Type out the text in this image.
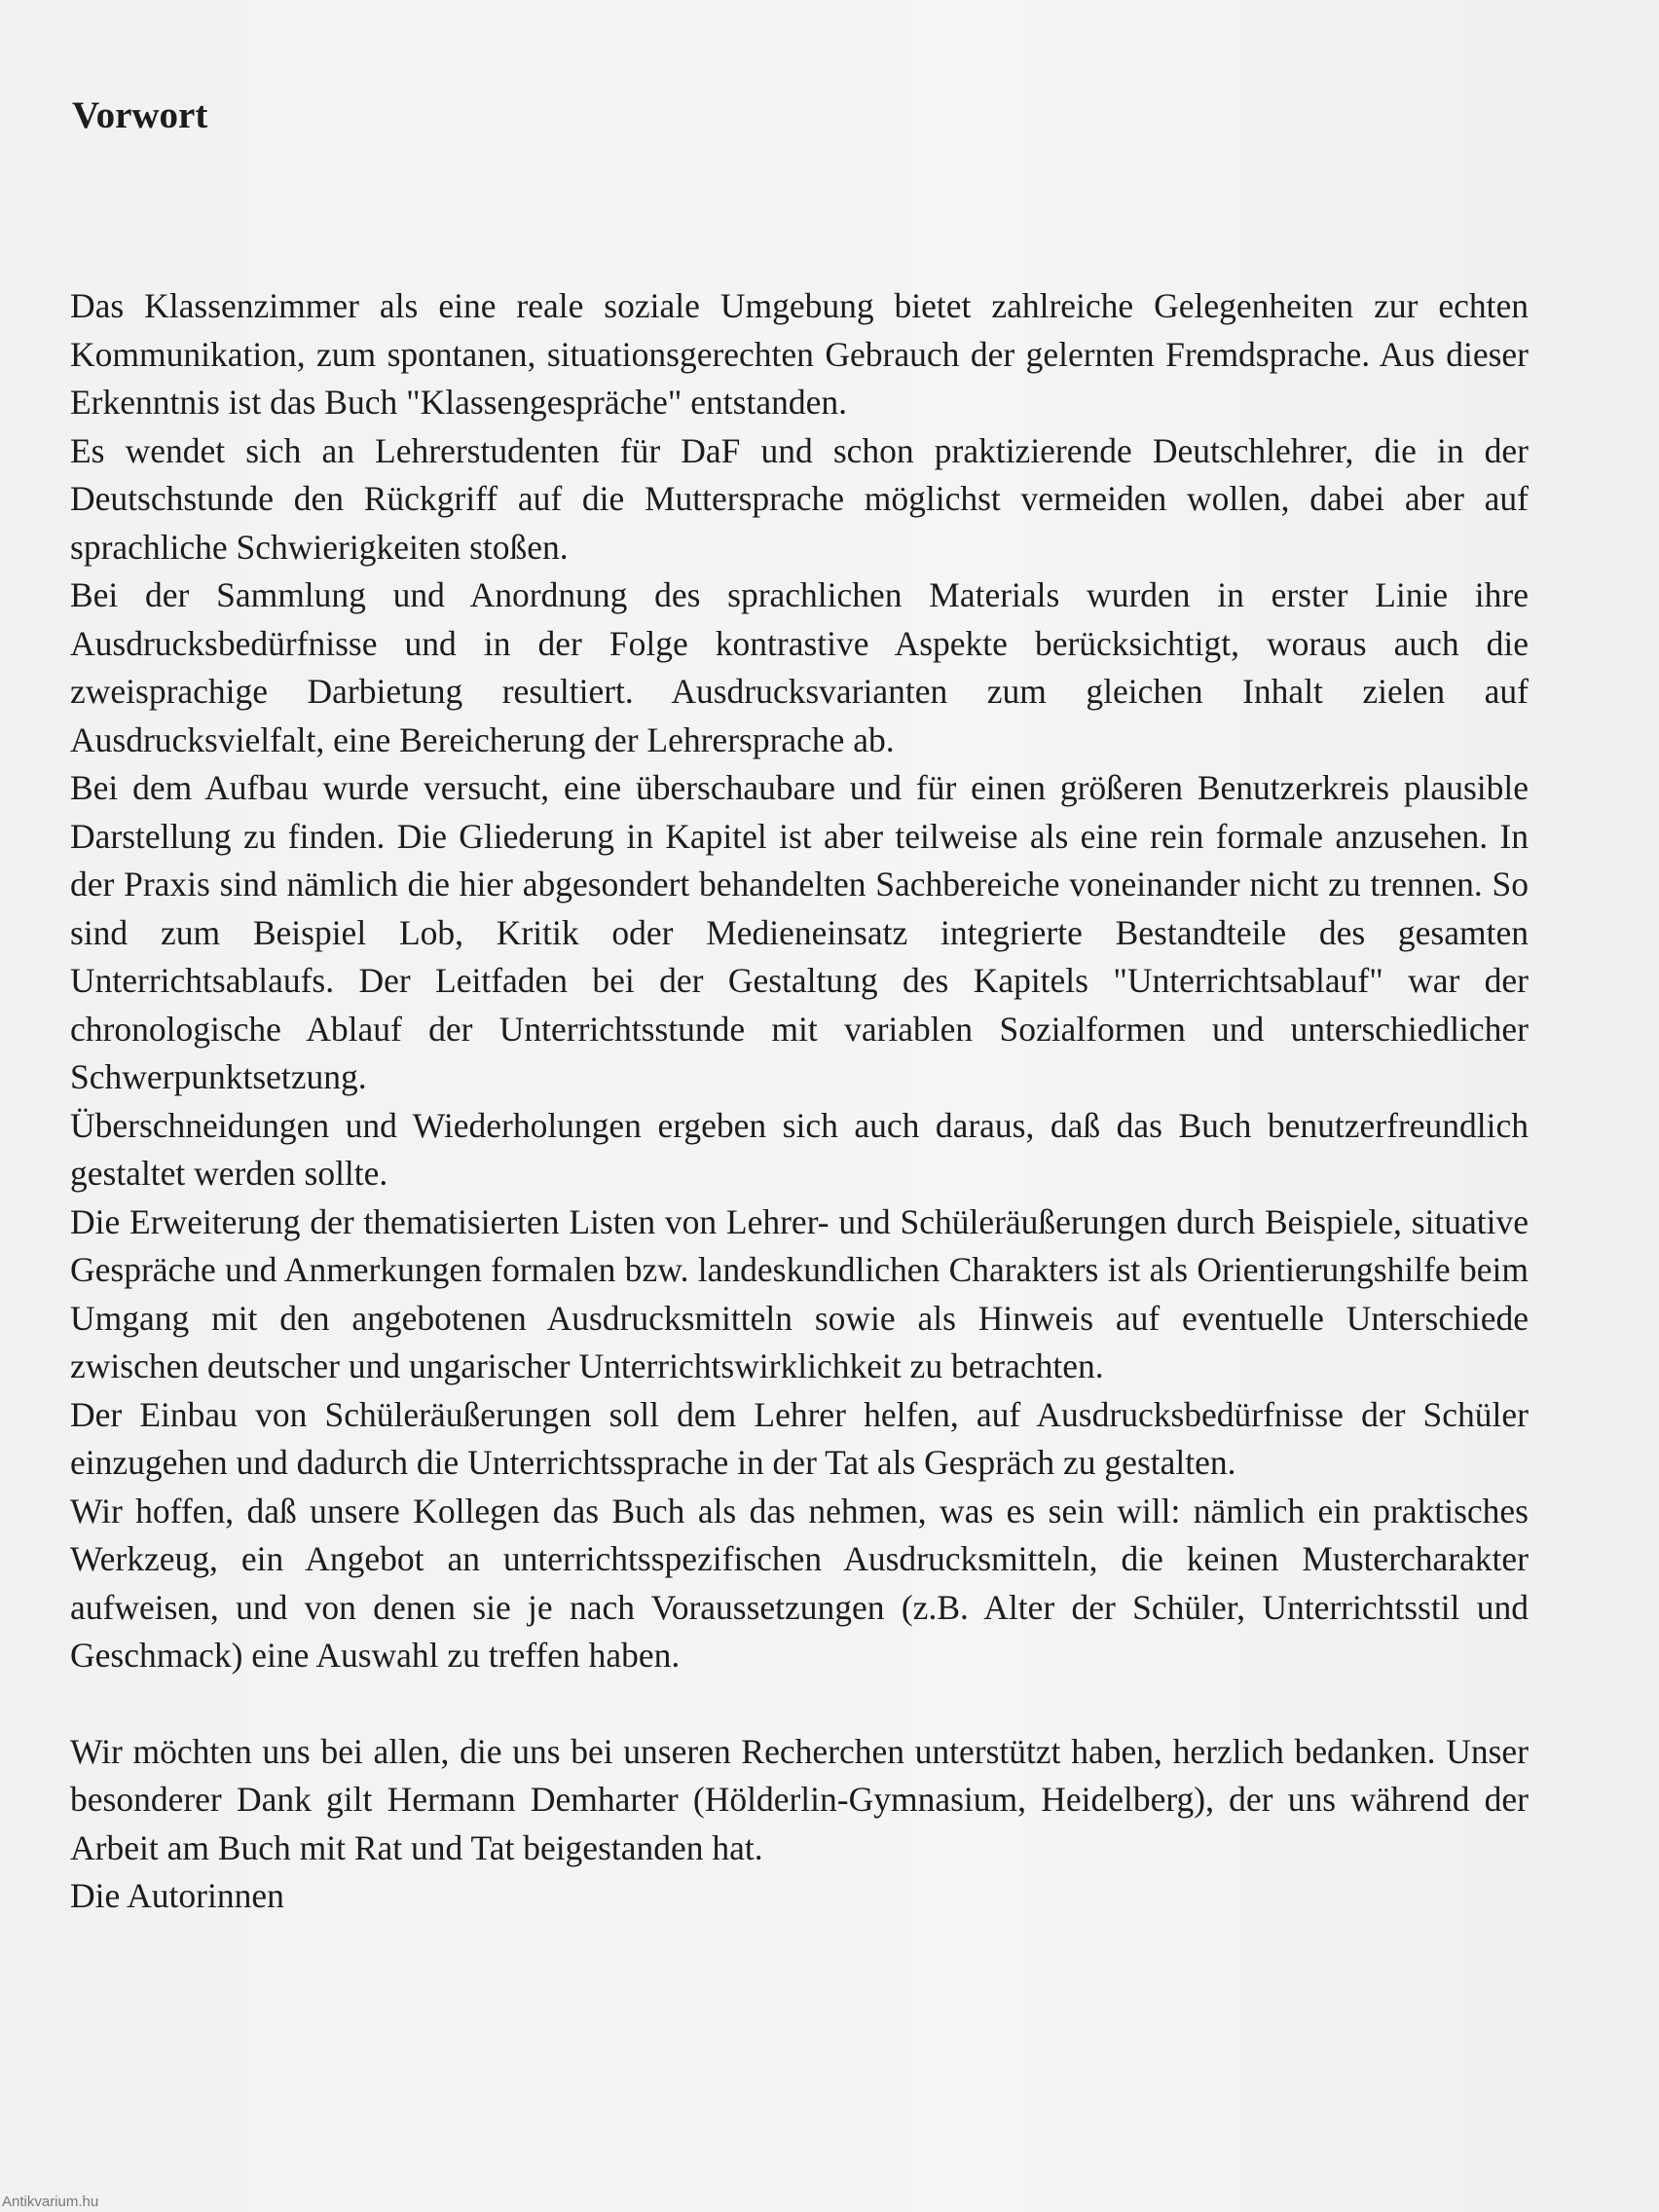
Vorwort

Das Klassenzimmer als eine reale soziale Umgebung bietet zahlreiche Gelegenheiten zur echten Kommunikation, zum spontanen, situationsgerechten Gebrauch der gelernten Fremdsprache. Aus dieser Erkenntnis ist das Buch "Klassengespräche" entstanden.

Es wendet sich an Lehrerstudenten für DaF und schon praktizierende Deutschlehrer, die in der Deutschstunde den Rückgriff auf die Muttersprache möglichst vermeiden wollen, dabei aber auf sprachliche Schwierigkeiten stoßen.

Bei der Sammlung und Anordnung des sprachlichen Materials wurden in erster Linie ihre Ausdrucksbedürfnisse und in der Folge kontrastive Aspekte berücksichtigt, woraus auch die zweisprachige Darbietung resultiert. Ausdrucksvarianten zum gleichen Inhalt zielen auf Ausdrucksvielfalt, eine Bereicherung der Lehrersprache ab.

Bei dem Aufbau wurde versucht, eine überschaubare und für einen größeren Benutzerkreis plausible Darstellung zu finden. Die Gliederung in Kapitel ist aber teilweise als eine rein formale anzusehen. In der Praxis sind nämlich die hier abgesondert behandelten Sachbereiche voneinander nicht zu trennen. So sind zum Beispiel Lob, Kritik oder Medieneinsatz integrierte Bestandteile des gesamten Unterrichtsablaufs. Der Leitfaden bei der Gestaltung des Kapitels "Unterrichtsablauf" war der chronologische Ablauf der Unterrichtsstunde mit variablen Sozialformen und unterschiedlicher Schwerpunktsetzung.

Überschneidungen und Wiederholungen ergeben sich auch daraus, daß das Buch benutzerfreundlich gestaltet werden sollte.

Die Erweiterung der thematisierten Listen von Lehrer- und Schüleräußerungen durch Beispiele, situative Gespräche und Anmerkungen formalen bzw. landeskundlichen Charakters ist als Orientierungshilfe beim Umgang mit den angebotenen Ausdrucksmitteln sowie als Hinweis auf eventuelle Unterschiede zwischen deutscher und ungarischer Unterrichtswirklichkeit zu betrachten.

Der Einbau von Schüleräußerungen soll dem Lehrer helfen, auf Ausdrucksbedürfnisse der Schüler einzugehen und dadurch die Unterrichtssprache in der Tat als Gespräch zu gestalten.

Wir hoffen, daß unsere Kollegen das Buch als das nehmen, was es sein will: nämlich ein praktisches Werkzeug, ein Angebot an unterrichtsspezifischen Ausdrucksmitteln, die keinen Mustercharakter aufweisen, und von denen sie je nach Voraussetzungen (z.B. Alter der Schüler, Unterrichtsstil und Geschmack) eine Auswahl zu treffen haben.

Wir möchten uns bei allen, die uns bei unseren Recherchen unterstützt haben, herzlich bedanken. Unser besonderer Dank gilt Hermann Demharter (Hölderlin-Gymnasium, Heidelberg), der uns während der Arbeit am Buch mit Rat und Tat beigestanden hat.

Die Autorinnen

Antikvarium.hu
